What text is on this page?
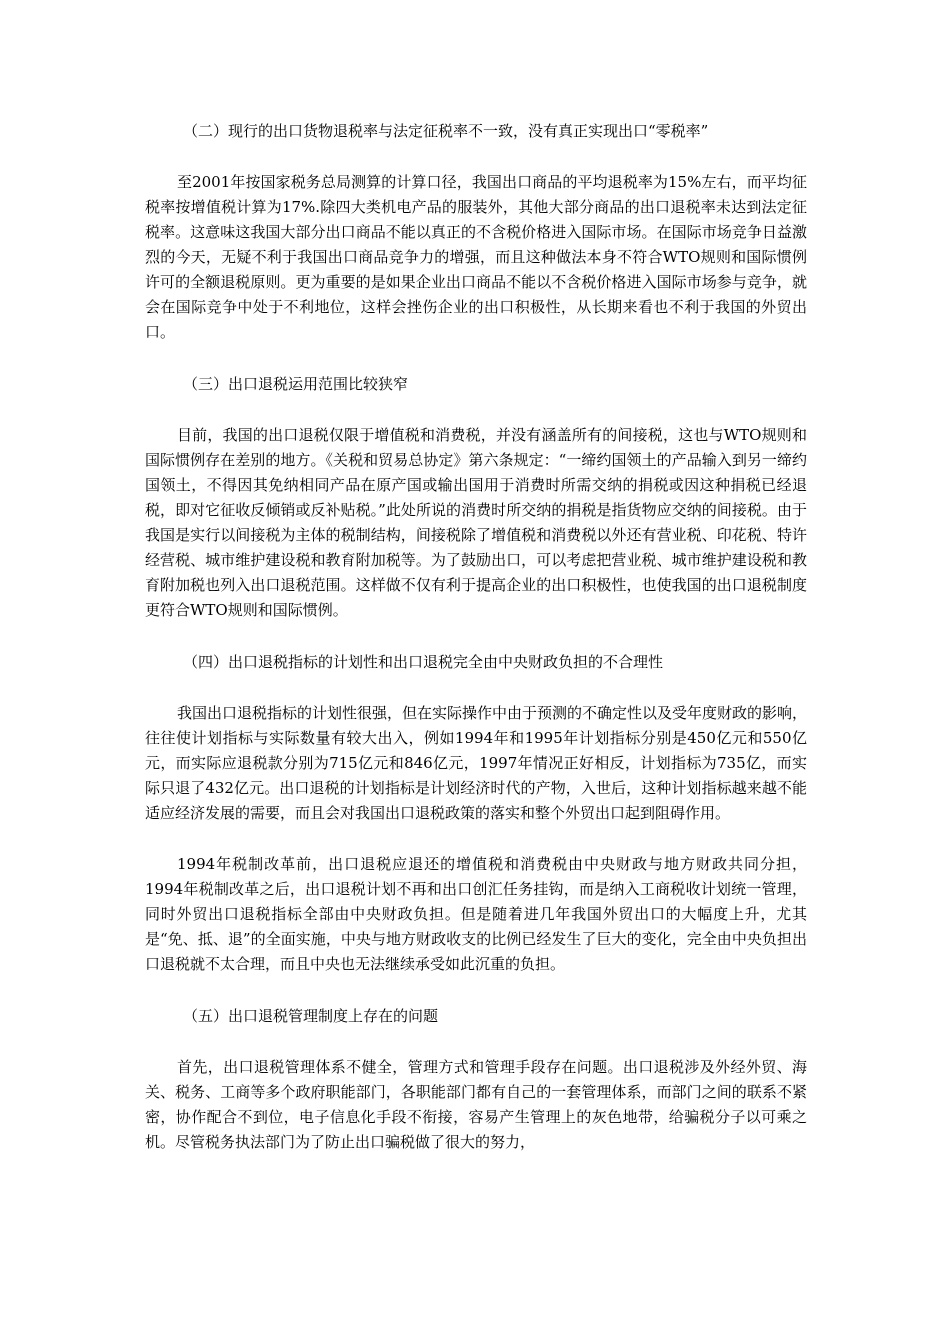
（二）现行的出口货物退税率与法定征税率不一致，没有真正实现出口“零税率”

至2001年按国家税务总局测算的计算口径，我国出口商品的平均退税率为15%左右，而平均征税率按增值税计算为17%.除四大类机电产品的服装外，其他大部分商品的出口退税率未达到法定征税率。这意味这我国大部分出口商品不能以真正的不含税价格进入国际市场。在国际市场竞争日益激烈的今天，无疑不利于我国出口商品竞争力的增强，而且这种做法本身不符合WTO规则和国际惯例许可的全额退税原则。更为重要的是如果企业出口商品不能以不含税价格进入国际市场参与竞争，就会在国际竞争中处于不利地位，这样会挫伤企业的出口积极性，从长期来看也不利于我国的外贸出口。

（三）出口退税运用范围比较狭窄

目前，我国的出口退税仅限于增值税和消费税，并没有涵盖所有的间接税，这也与WTO规则和国际惯例存在差别的地方。《关税和贸易总协定》第六条规定：“一缔约国领土的产品输入到另一缔约国领土，不得因其免纳相同产品在原产国或输出国用于消费时所需交纳的捐税或因这种捐税已经退税，即对它征收反倾销或反补贴税。”此处所说的消费时所交纳的捐税是指货物应交纳的间接税。由于我国是实行以间接税为主体的税制结构，间接税除了增值税和消费税以外还有营业税、印花税、特许经营税、城市维护建设税和教育附加税等。为了鼓励出口，可以考虑把营业税、城市维护建设税和教育附加税也列入出口退税范围。这样做不仅有利于提高企业的出口积极性，也使我国的出口退税制度更符合WTO规则和国际惯例。

（四）出口退税指标的计划性和出口退税完全由中央财政负担的不合理性

我国出口退税指标的计划性很强，但在实际操作中由于预测的不确定性以及受年度财政的影响，往往使计划指标与实际数量有较大出入，例如1994年和1995年计划指标分别是450亿元和550亿元，而实际应退税款分别为715亿元和846亿元，1997年情况正好相反，计划指标为735亿，而实际只退了432亿元。出口退税的计划指标是计划经济时代的产物，入世后，这种计划指标越来越不能适应经济发展的需要，而且会对我国出口退税政策的落实和整个外贸出口起到阻碍作用。

1994年税制改革前，出口退税应退还的增值税和消费税由中央财政与地方财政共同分担，1994年税制改革之后，出口退税计划不再和出口创汇任务挂钩，而是纳入工商税收计划统一管理，同时外贸出口退税指标全部由中央财政负担。但是随着进几年我国外贸出口的大幅度上升，尤其是“免、抵、退”的全面实施，中央与地方财政收支的比例已经发生了巨大的变化，完全由中央负担出口退税就不太合理，而且中央也无法继续承受如此沉重的负担。

（五）出口退税管理制度上存在的问题

首先，出口退税管理体系不健全，管理方式和管理手段存在问题。出口退税涉及外经外贸、海关、税务、工商等多个政府职能部门，各职能部门都有自己的一套管理体系，而部门之间的联系不紧密，协作配合不到位，电子信息化手段不衔接，容易产生管理上的灰色地带，给骗税分子以可乘之机。尽管税务执法部门为了防止出口骗税做了很大的努力，
